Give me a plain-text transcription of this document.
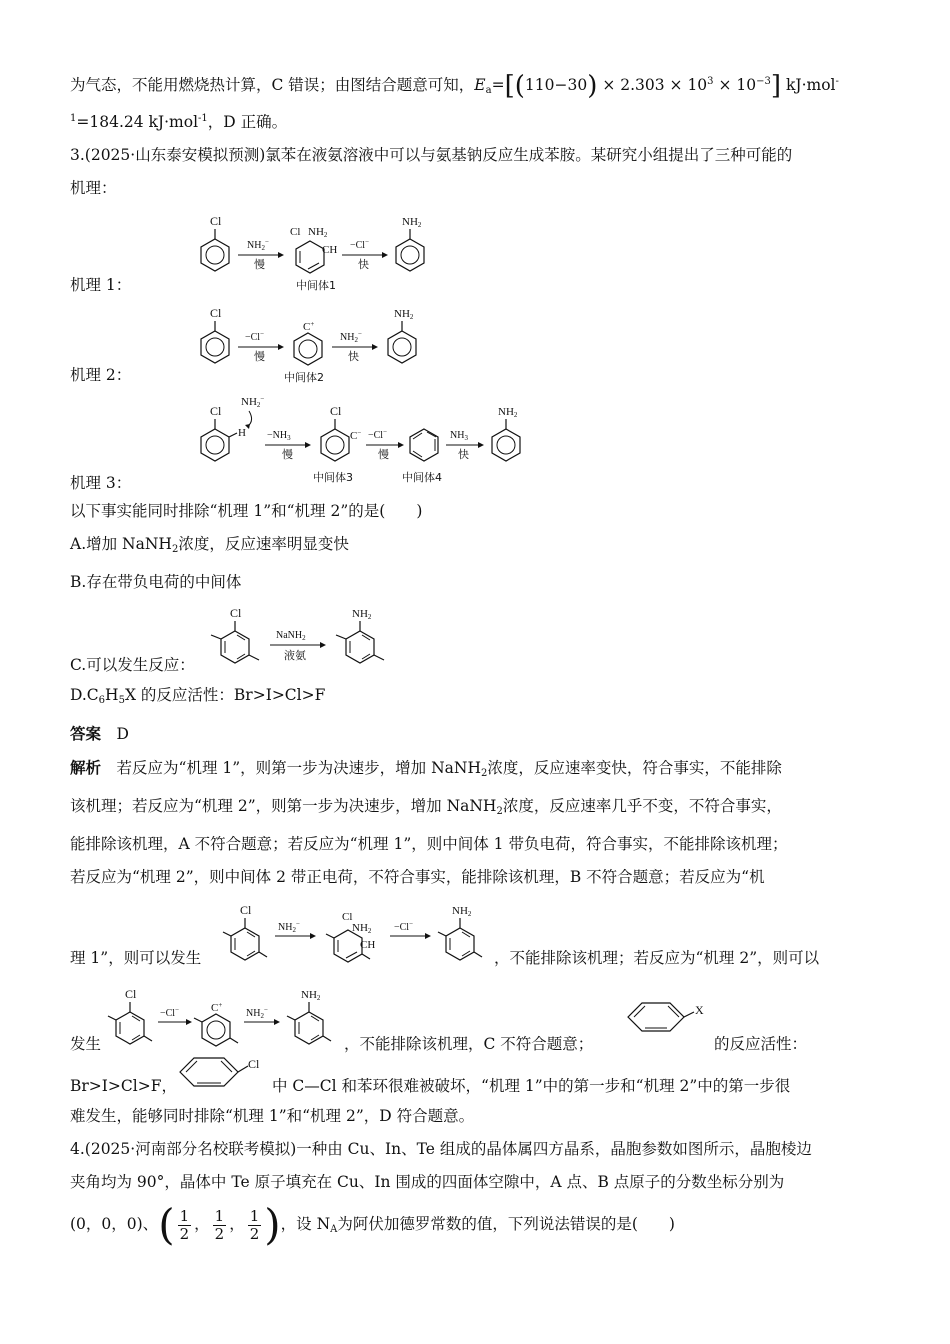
为气态，不能用燃烧热计算，C 错误；由图结合题意可知，$E_a=[(110-30) \times 2.303 \times 10^3 \times 10^{-3}]$ kJ·mol-
$^1$=184.24 kJ·mol$^{-1}$，D 正确。
3.(2025·山东泰安模拟预测)氯苯在液氨溶液中可以与氨基钠反应生成苯胺。某研究小组提出了三种可能的
机理：
机理 1：
Cl
$NH_2^-$
慢
Cl NH2
CH
中间体1
−Cl−
快
NH2
机理 2：
Cl
−Cl−
慢
C+
中间体2
$NH_2^-$
快
NH2
机理 3：
Cl
H
NH2−
$-NH_3$
慢
Cl
C−
中间体3
−Cl−
慢
中间体4
$NH_3$
快
NH2
以下事实能同时排除“机理 1”和“机理 2”的是(　　)
A.增加 NaNH$_2$浓度，反应速率明显变快
B.存在带负电荷的中间体
C.可以发生反应：
Cl
NaNH$_2$
液氨
NH2
$D.C_6H_5X$ 的反应活性：Br>I>Cl>F
答案　 D
解析　 若反应为“机理 1”，则第一步为决速步，增加 NaNH$_2$浓度，反应速率变快，符合事实，不能排除
该机理；若反应为“机理 2”，则第一步为决速步，增加 NaNH$_2$浓度，反应速率几乎不变，不符合事实，
能排除该机理，A 不符合题意；若反应为“机理 1”，则中间体 1 带负电荷，符合事实，不能排除该机理；
若反应为“机理 2”，则中间体 2 带正电荷，不符合事实，能排除该机理，B 不符合题意；若反应为“机
理 1”，则可以发生
Cl
$NH_2^-$
Cl
NH2
CH
−Cl−
NH2
，不能排除该机理；若反应为“机理 2”，则可以
发生
Cl
−Cl−	C+
$NH_2^-$
NH2
，不能排除该机理，C 不符合题意；
X
的反应活性：
Br>I>Cl>F，
Cl
中 C—Cl 和苯环很难被破坏，“机理 1”中的第一步和“机理 2”中的第一步很
难发生，能够同时排除“机理 1”和“机理 2”，D 符合题意。
4.(2025·河南部分名校联考模拟)一种由 Cu、In、Te 组成的晶体属四方晶系，晶胞参数如图所示，晶胞棱边
夹角均为 90°，晶体中 Te 原子填充在 Cu、In 围成的四面体空隙中，A 点、B 点原子的分数坐标分别为
(0，0，0)、( $\frac{1}{2}$ ， $\frac{1}{2}$ ， $\frac{1}{2}$ )，设 $N_A$为阿伏加德罗常数的值，下列说法错误的是(　　)
